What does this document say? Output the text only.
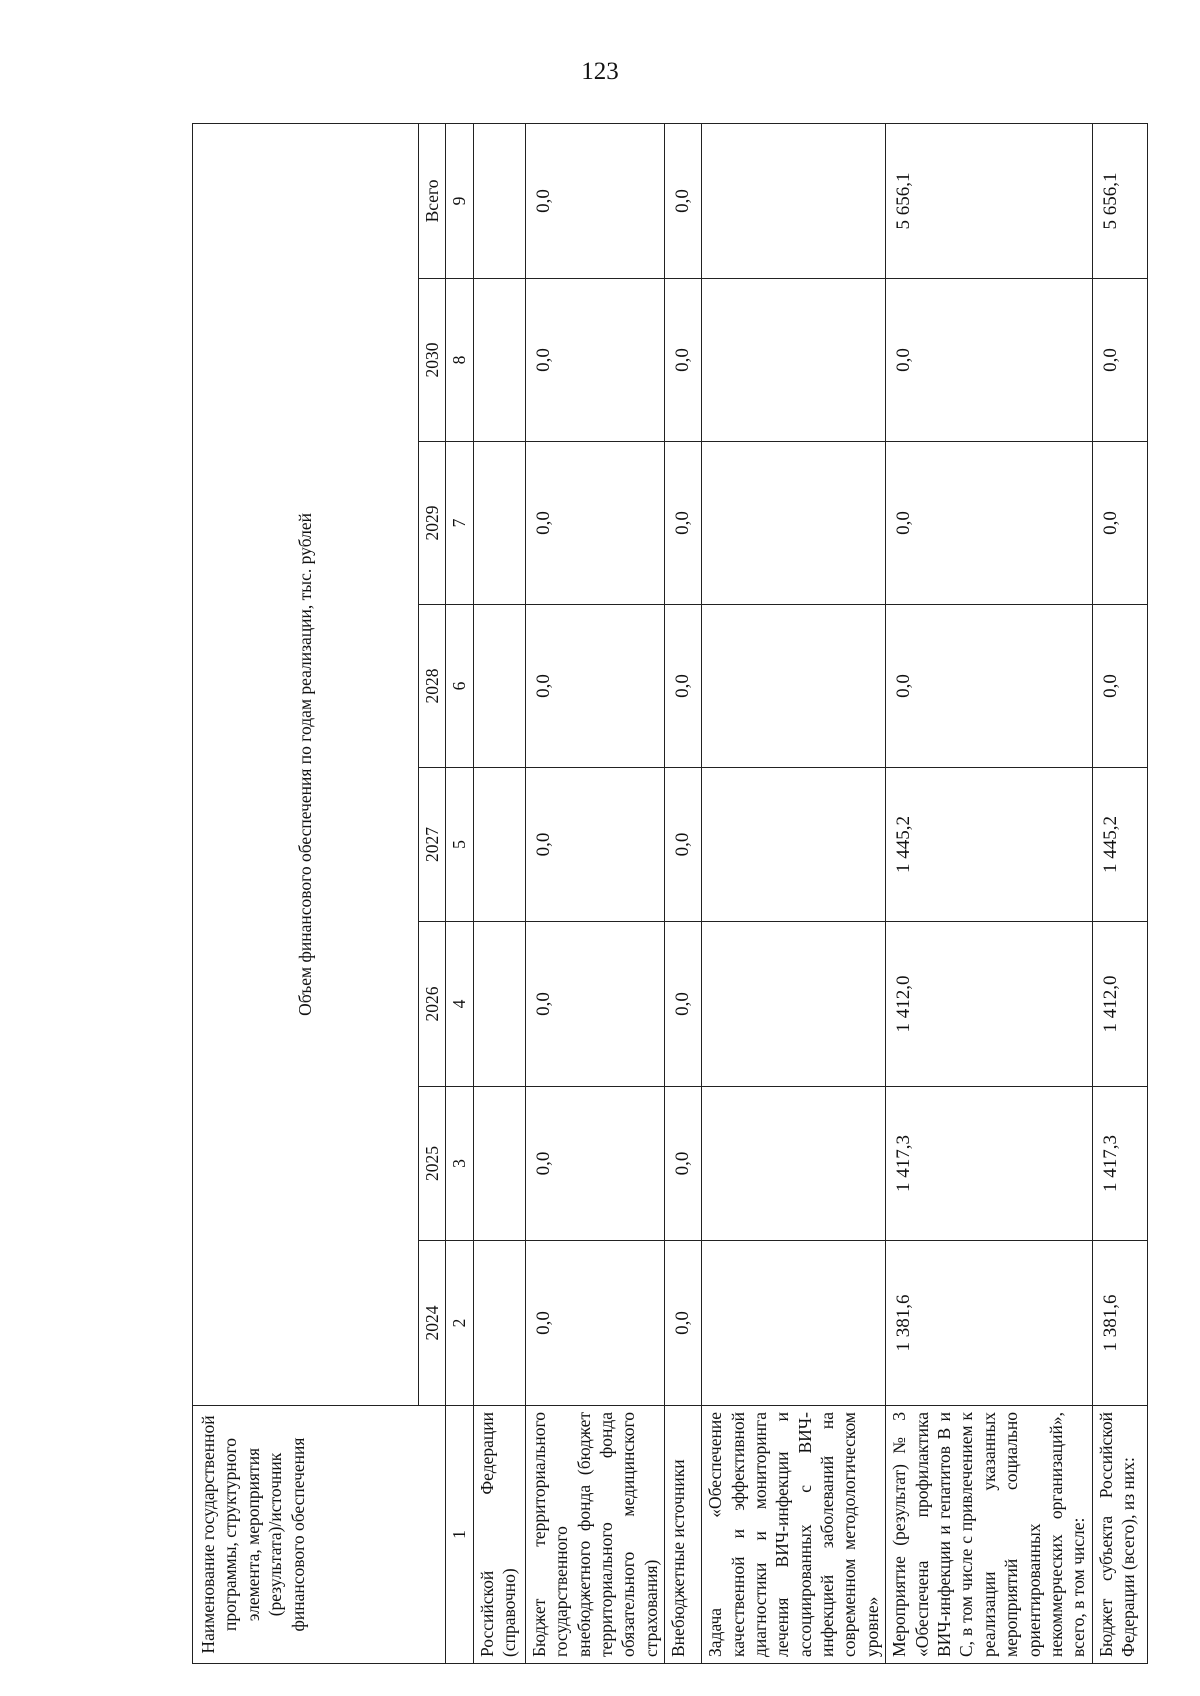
123
Наименование государственной программы, структурного элемента, мероприятия (результата)/источник финансового обеспечения	Объем финансового обеспечения по годам реализации, тыс. рублей							
	2024	2025	2026	2027	2028	2029	2030	Всего
1	2	3	4	5	6	7	8	9
Российской Федерации (справочно)								
Бюджет территориального государственного внебюджетного фонда (бюджет территориального фонда обязательного медицинского страхования)	0,0	0,0	0,0	0,0	0,0	0,0	0,0	0,0
Внебюджетные источники	0,0	0,0	0,0	0,0	0,0	0,0	0,0	0,0
Задача «Обеспечение качественной и эффективной диагностики и мониторинга лечения ВИЧ-инфекции и ассоциированных с ВИЧ-инфекцией заболеваний на современном методологическом уровне»								
Мероприятие (результат) № 3 «Обеспечена профилактика ВИЧ-инфекции и гепатитов В и С, в том числе с привлечением к реализации указанных мероприятий социально ориентированных некоммерческих организаций», всего, в том числе:	1 381,6	1 417,3	1 412,0	1 445,2	0,0	0,0	0,0	5 656,1
Бюджет субъекта Российской Федерации (всего), из них:	1 381,6	1 417,3	1 412,0	1 445,2	0,0	0,0	0,0	5 656,1
